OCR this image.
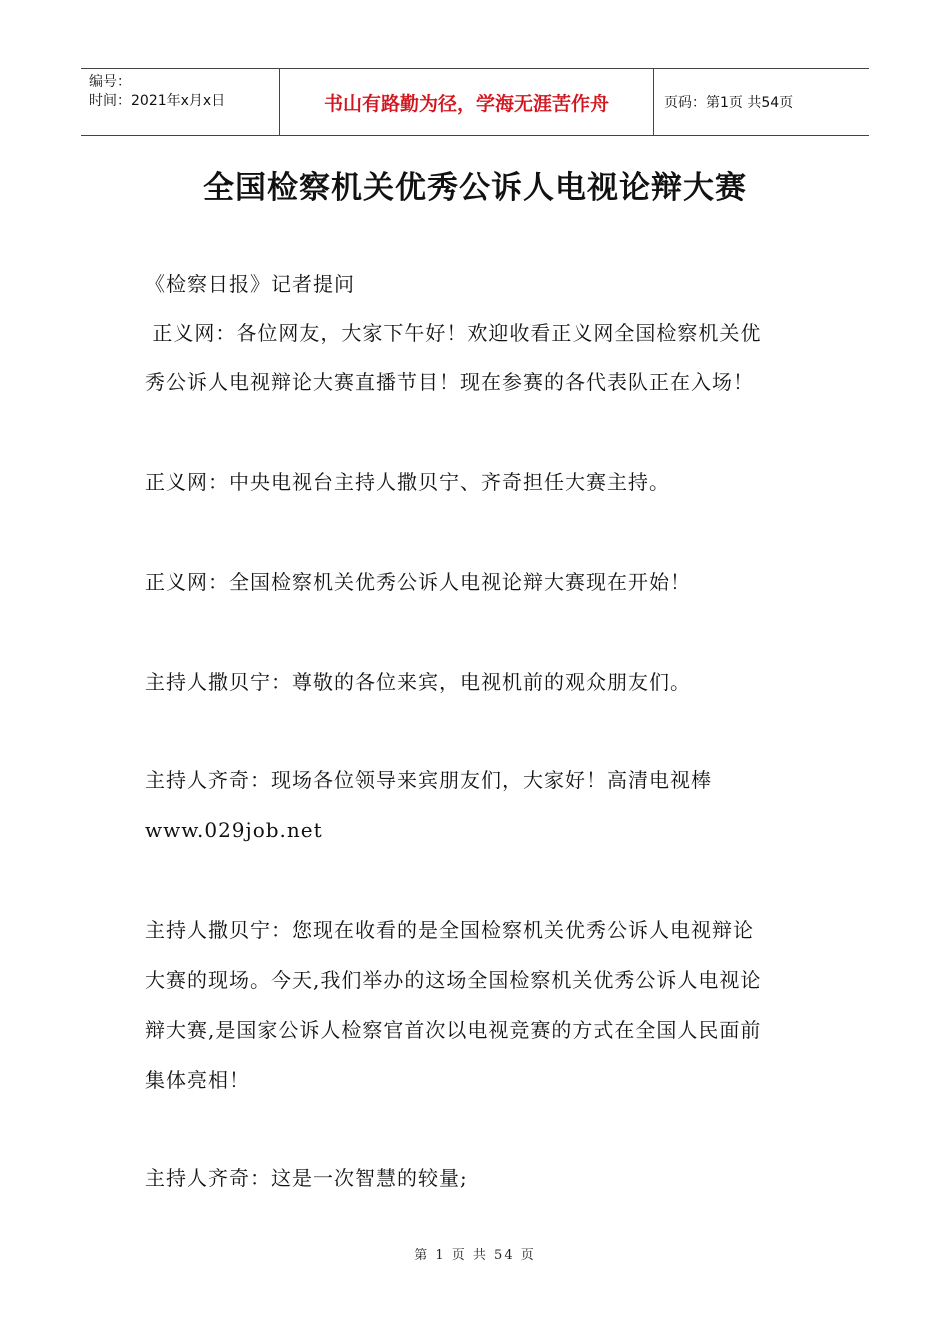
编号：
时间：2021年x月x日	书山有路勤为径，学海无涯苦作舟	页码：第1页 共54页
全国检察机关优秀公诉人电视论辩大赛
《检察日报》记者提问
正义网：各位网友，大家下午好！欢迎收看正义网全国检察机关优
秀公诉人电视辩论大赛直播节目！现在参赛的各代表队正在入场！
正义网：中央电视台主持人撒贝宁、齐奇担任大赛主持。
正义网：全国检察机关优秀公诉人电视论辩大赛现在开始！
主持人撒贝宁：尊敬的各位来宾，电视机前的观众朋友们。
主持人齐奇：现场各位领导来宾朋友们，大家好！高清电视棒
www.029job.net
主持人撒贝宁：您现在收看的是全国检察机关优秀公诉人电视辩论
大赛的现场。今天,我们举办的这场全国检察机关优秀公诉人电视论
辩大赛,是国家公诉人检察官首次以电视竞赛的方式在全国人民面前
集体亮相！
主持人齐奇：这是一次智慧的较量;
第 1 页 共 54 页
